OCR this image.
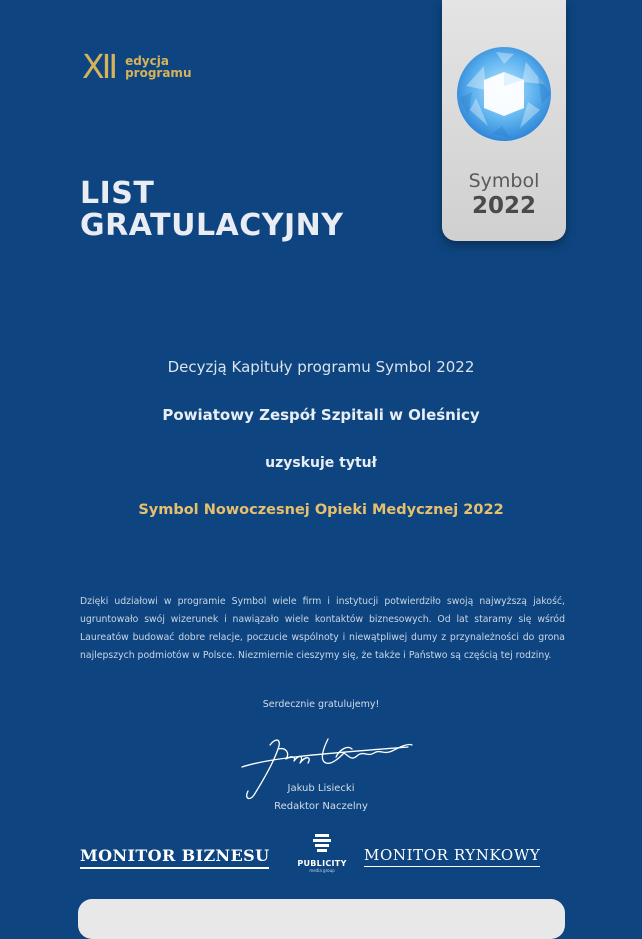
XII edycja
programu
LIST
GRATULACYJNY
Symbol
2022
Decyzją Kapituły programu Symbol 2022
Powiatowy Zespół Szpitali w Oleśnicy
uzyskuje tytuł
Symbol Nowoczesnej Opieki Medycznej 2022
Dzięki udziałowi w programie Symbol wiele firm i instytucji potwierdziło swoją najwyższą jakość, ugruntowało swój wizerunek i nawiązało wiele kontaktów biznesowych. Od lat staramy się wśród Laureatów budować dobre relacje, poczucie wspólnoty i niewątpliwej dumy z przynależności do grona najlepszych podmiotów w Polsce. Niezmiernie cieszymy się, że także i Państwo są częścią tej rodziny.
Serdecznie gratulujemy!
Jakub Lisiecki
Redaktor Naczelny
MONITOR BIZNESU	PUBLICITY
media group
MONITOR RYNKOWY
